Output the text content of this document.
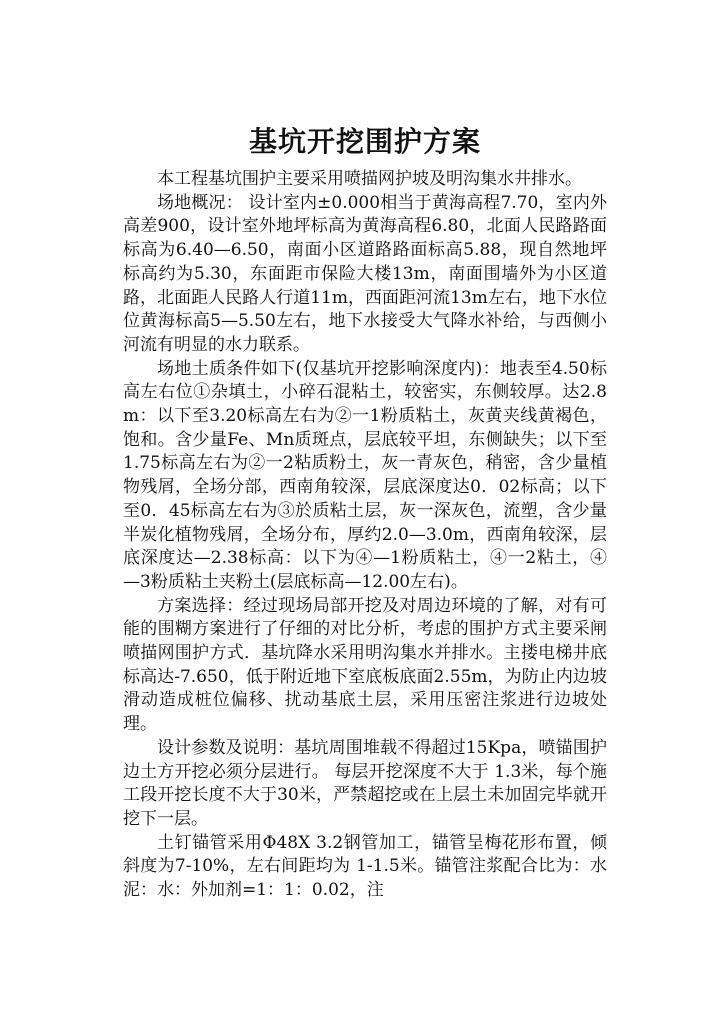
基坑开挖围护方案

本工程基坑围护主要采用喷描网护坡及明沟集水井排水。

场地概况： 设计室内±0.000相当于黄海高程7.70，室内外高差900，设计室外地坪标高为黄海高程6.80，北面人民路路面标高为6.40—6.50，南面小区道路路面标高5.88，现自然地坪标高约为5.30，东面距市保险大楼13m，南面围墙外为小区道路，北面距人民路人行道11m，西面距河流13m左右，地下水位位黄海标高5—5.50左右，地下水接受大气降水补给，与西侧小河流有明显的水力联系。

场地土质条件如下(仅基坑开挖影响深度内)：地表至4.50标高左右位①杂填土，小碎石混粘土，较密实，东侧较厚。达2.8m：以下至3.20标高左右为②一1粉质粘土，灰黄夹线黄褐色，饱和。含少量Fe、Mn质斑点，层底较平坦，东侧缺失；以下至1.75标高左右为②一2粘质粉土，灰一青灰色，稍密，含少量植物残屑，全场分部，西南角较深，层底深度达0．02标高；以下至0．45标高左右为③於质粘土层，灰一深灰色，流塑，含少量半炭化植物残屑，全场分布，厚约2.0—3.0m，西南角较深，层底深度达—2.38标高：以下为④—1粉质粘土，④一2粘土，④—3粉质粘土夹粉土(层底标高—12.00左右)。

方案选择：经过现场局部开挖及对周边环境的了解，对有可能的围糊方案进行了仔细的对比分析，考虑的围护方式主要采闸喷描网围护方式．基坑降水采用明沟集水并排水。主搂电梯井底标高达-7.650，低于附近地下室底板底面2.55m，为防止内边坡滑动造成桩位偏移、扰动基底土层，采用压密注浆进行边坡处理。

设计参数及说明：基坑周围堆载不得超过15Kpa，喷锚围护边土方开挖必须分层进行。 每层开挖深度不大于 1.3米，每个施工段开挖长度不大于30米，严禁超挖或在上层土未加固完毕就开挖下一层。

土钉锚管采用Φ48X 3.2钢管加工，锚管呈梅花形布置，倾斜度为7-10%，左右间距均为 1-1.5米。锚管注浆配合比为：水泥：水：外加剂=1：1：0.02，注
